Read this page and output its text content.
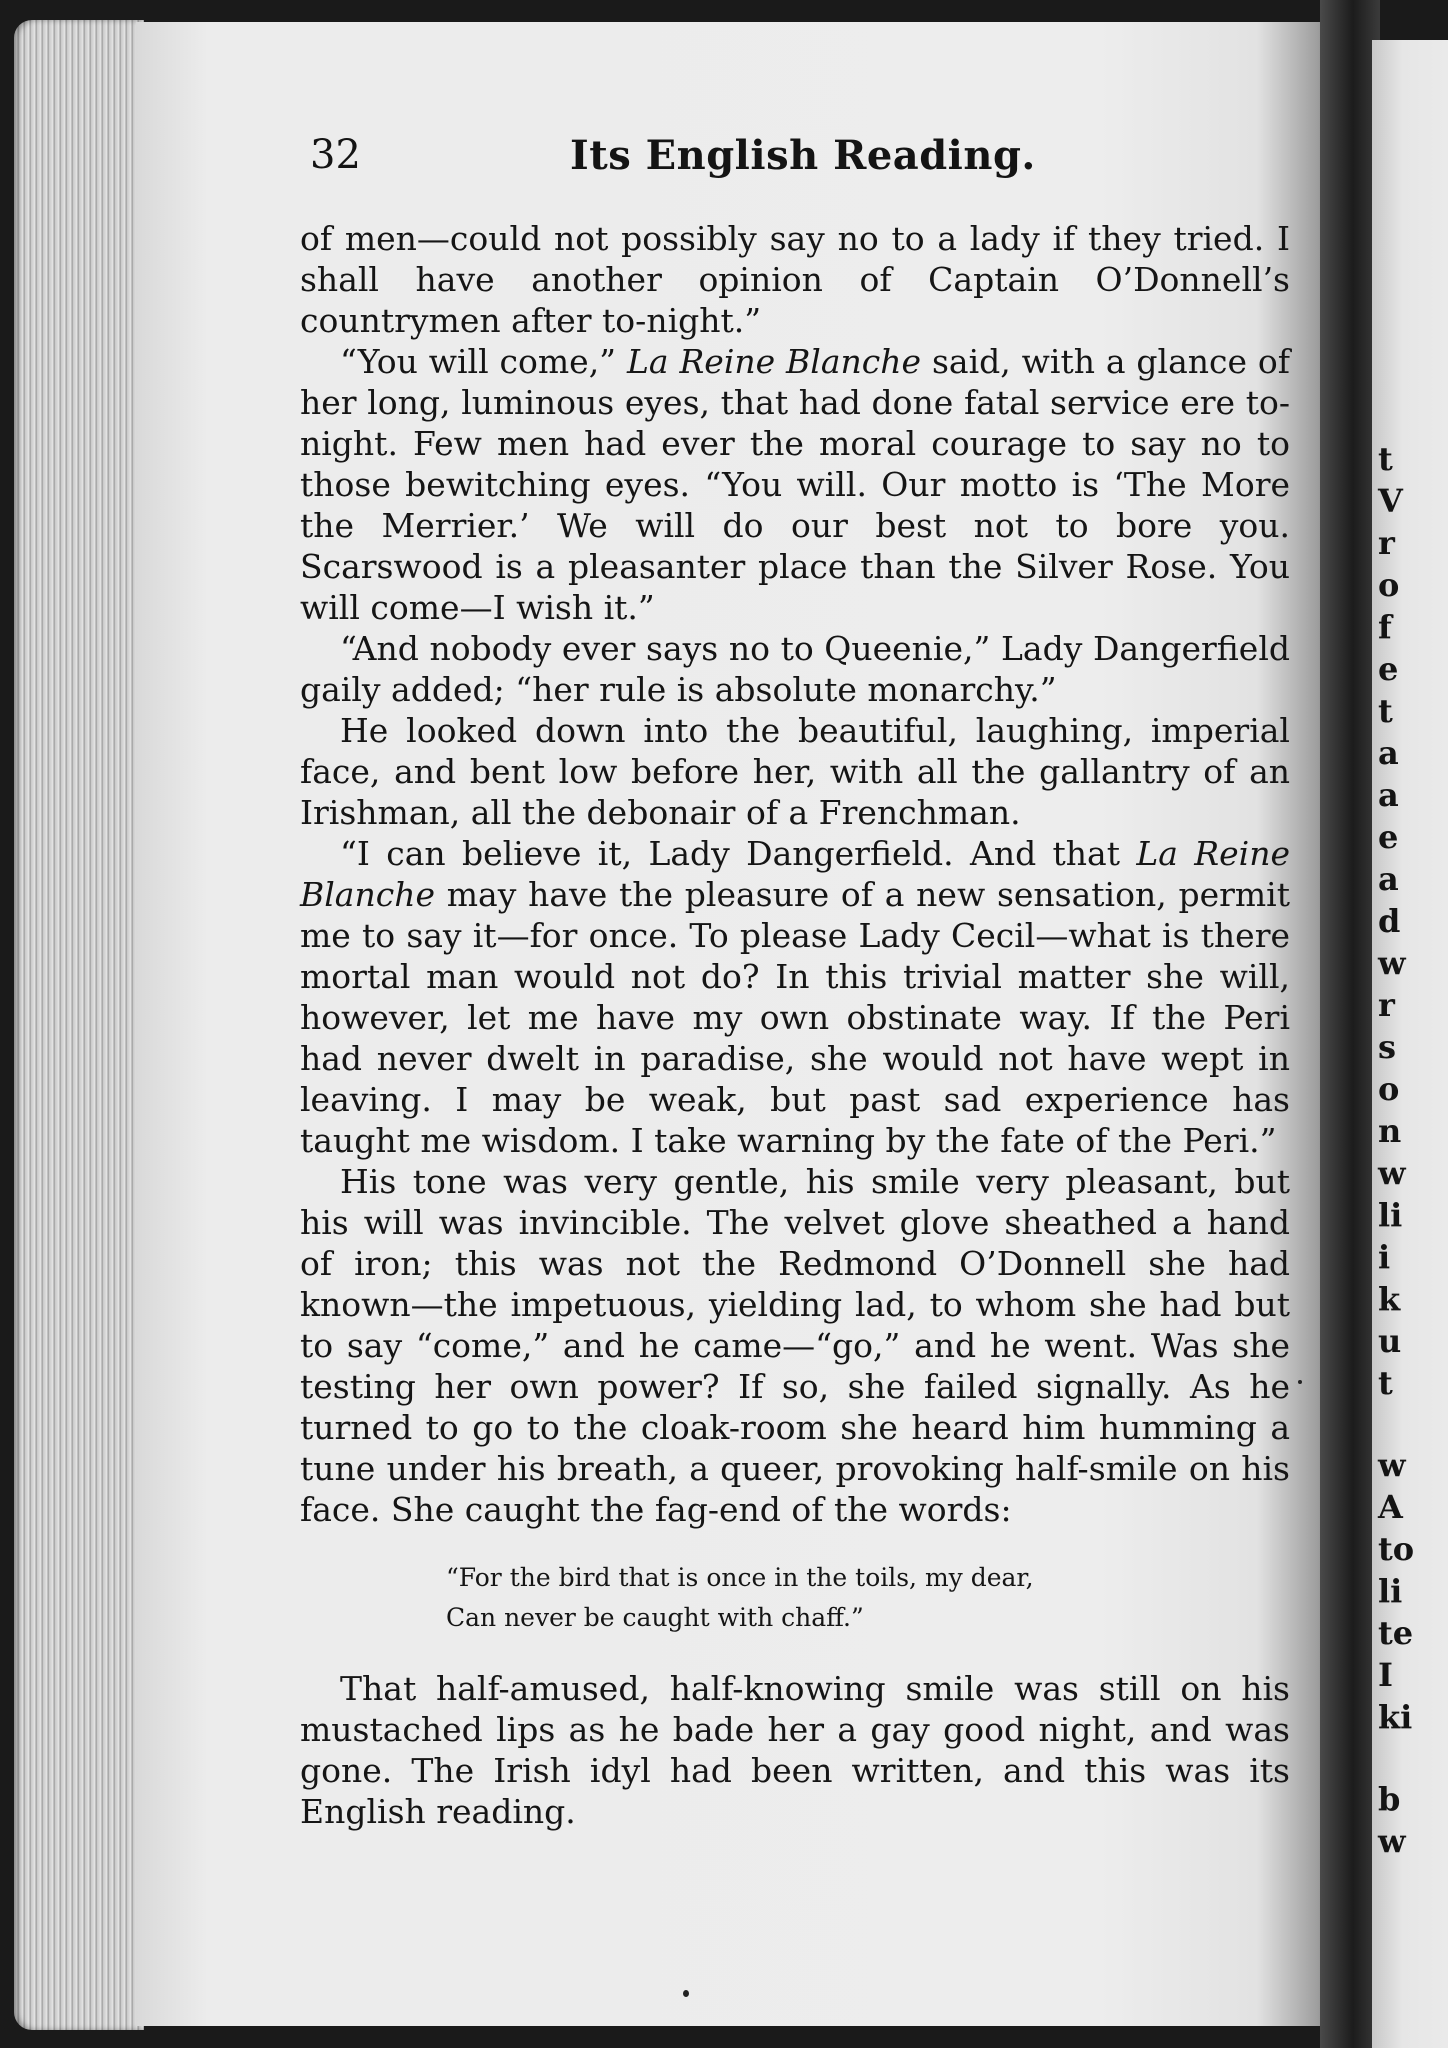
t
V
r
o
f
e
t
a
a
e
a
d
w
r
s
o
n
w
li
i
k
u
t
w
A
to
li
te
I
ki
b
w
32	Its English Reading.

of men—could not possibly say no to a lady if they tried. I shall have another opinion of Captain O’Donnell’s countrymen after to-night.”

“You will come,” La Reine Blanche said, with a glance of her long, luminous eyes, that had done fatal service ere to-night. Few men had ever the moral courage to say no to those bewitching eyes. “You will. Our motto is ‘The More the Merrier.’ We will do our best not to bore you. Scarswood is a pleasanter place than the Silver Rose. You will come—I wish it.”

“And nobody ever says no to Queenie,” Lady Dangerfield gaily added; “her rule is absolute monarchy.”

He looked down into the beautiful, laughing, imperial face, and bent low before her, with all the gallantry of an Irishman, all the debonair of a Frenchman.

“I can believe it, Lady Dangerfield. And that La Reine Blanche may have the pleasure of a new sensation, permit me to say it—for once. To please Lady Cecil—what is there mortal man would not do? In this trivial matter she will, however, let me have my own obstinate way. If the Peri had never dwelt in paradise, she would not have wept in leaving. I may be weak, but past sad experience has taught me wisdom. I take warning by the fate of the Peri.”

His tone was very gentle, his smile very pleasant, but his will was invincible. The velvet glove sheathed a hand of iron; this was not the Redmond O’Donnell she had known—the impetuous, yielding lad, to whom she had but to say “come,” and he came—“go,” and he went. Was she testing her own power? If so, she failed signally. As he turned to go to the cloak-room she heard him humming a tune under his breath, a queer, provoking half-smile on his face. She caught the fag-end of the words:

“For the bird that is once in the toils, my dear,
Can never be caught with chaff.”

That half-amused, half-knowing smile was still on his mustached lips as he bade her a gay good night, and was gone. The Irish idyl had been written, and this was its English reading.
